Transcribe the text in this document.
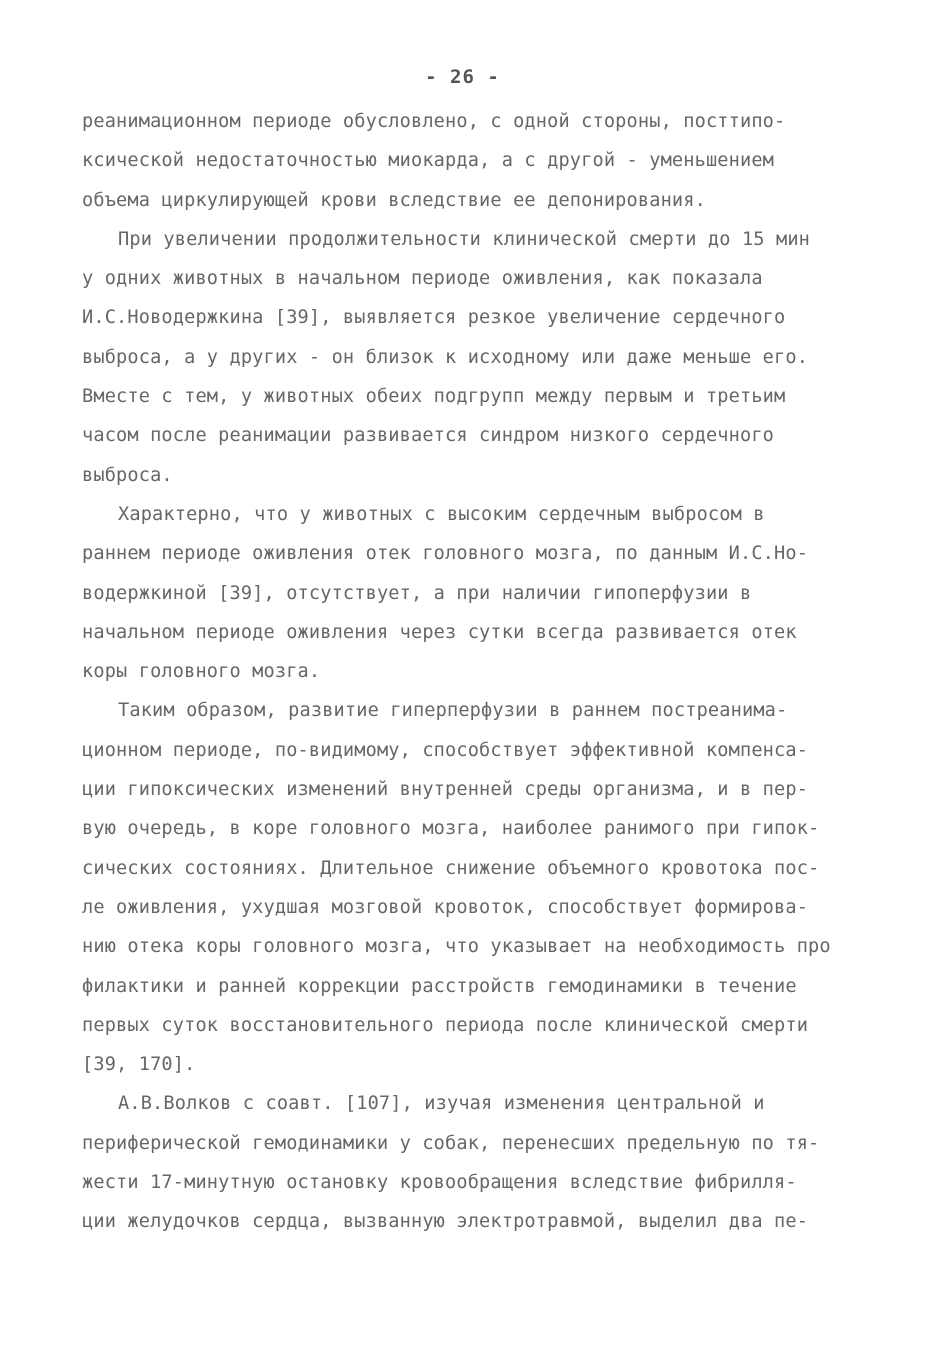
- 26 -
реанимационном периоде обусловлено, с одной стороны, посттипо-
ксической недостаточностью миокарда, а с другой - уменьшением
объема циркулирующей крови вследствие ее депонирования.
При увеличении продолжительности клинической смерти до 15 мин
у одних животных в начальном периоде оживления, как показала
И.С.Новодержкина [39], выявляется резкое увеличение сердечного
выброса, а у других - он близок к исходному или даже меньше его.
Вместе с тем, у животных обеих подгрупп между первым и третьим
часом после реанимации развивается синдром низкого сердечного
выброса.
Характерно, что у животных с высоким сердечным выбросом в
раннем периоде оживления отек головного мозга, по данным И.С.Но-
водержкиной [39], отсутствует, а при наличии гипоперфузии в
начальном периоде оживления через сутки всегда развивается отек
коры головного мозга.
Таким образом, развитие гиперперфузии в раннем постреанима-
ционном периоде, по-видимому, способствует эффективной компенса-
ции гипоксических изменений внутренней среды организма, и в пер-
вую очередь, в коре головного мозга, наиболее ранимого при гипок-
сических состояниях. Длительное снижение объемного кровотока пос-
ле оживления, ухудшая мозговой кровоток, способствует формирова-
нию отека коры головного мозга, что указывает на необходимость про
филактики и ранней коррекции расстройств гемодинамики в течение
первых суток восстановительного периода после клинической смерти
[39, 170].
А.В.Волков с соавт. [107], изучая изменения центральной и
периферической гемодинамики у собак, перенесших предельную по тя-
жести 17-минутную остановку кровообращения вследствие фибрилля-
ции желудочков сердца, вызванную электротравмой, выделил два пе-
